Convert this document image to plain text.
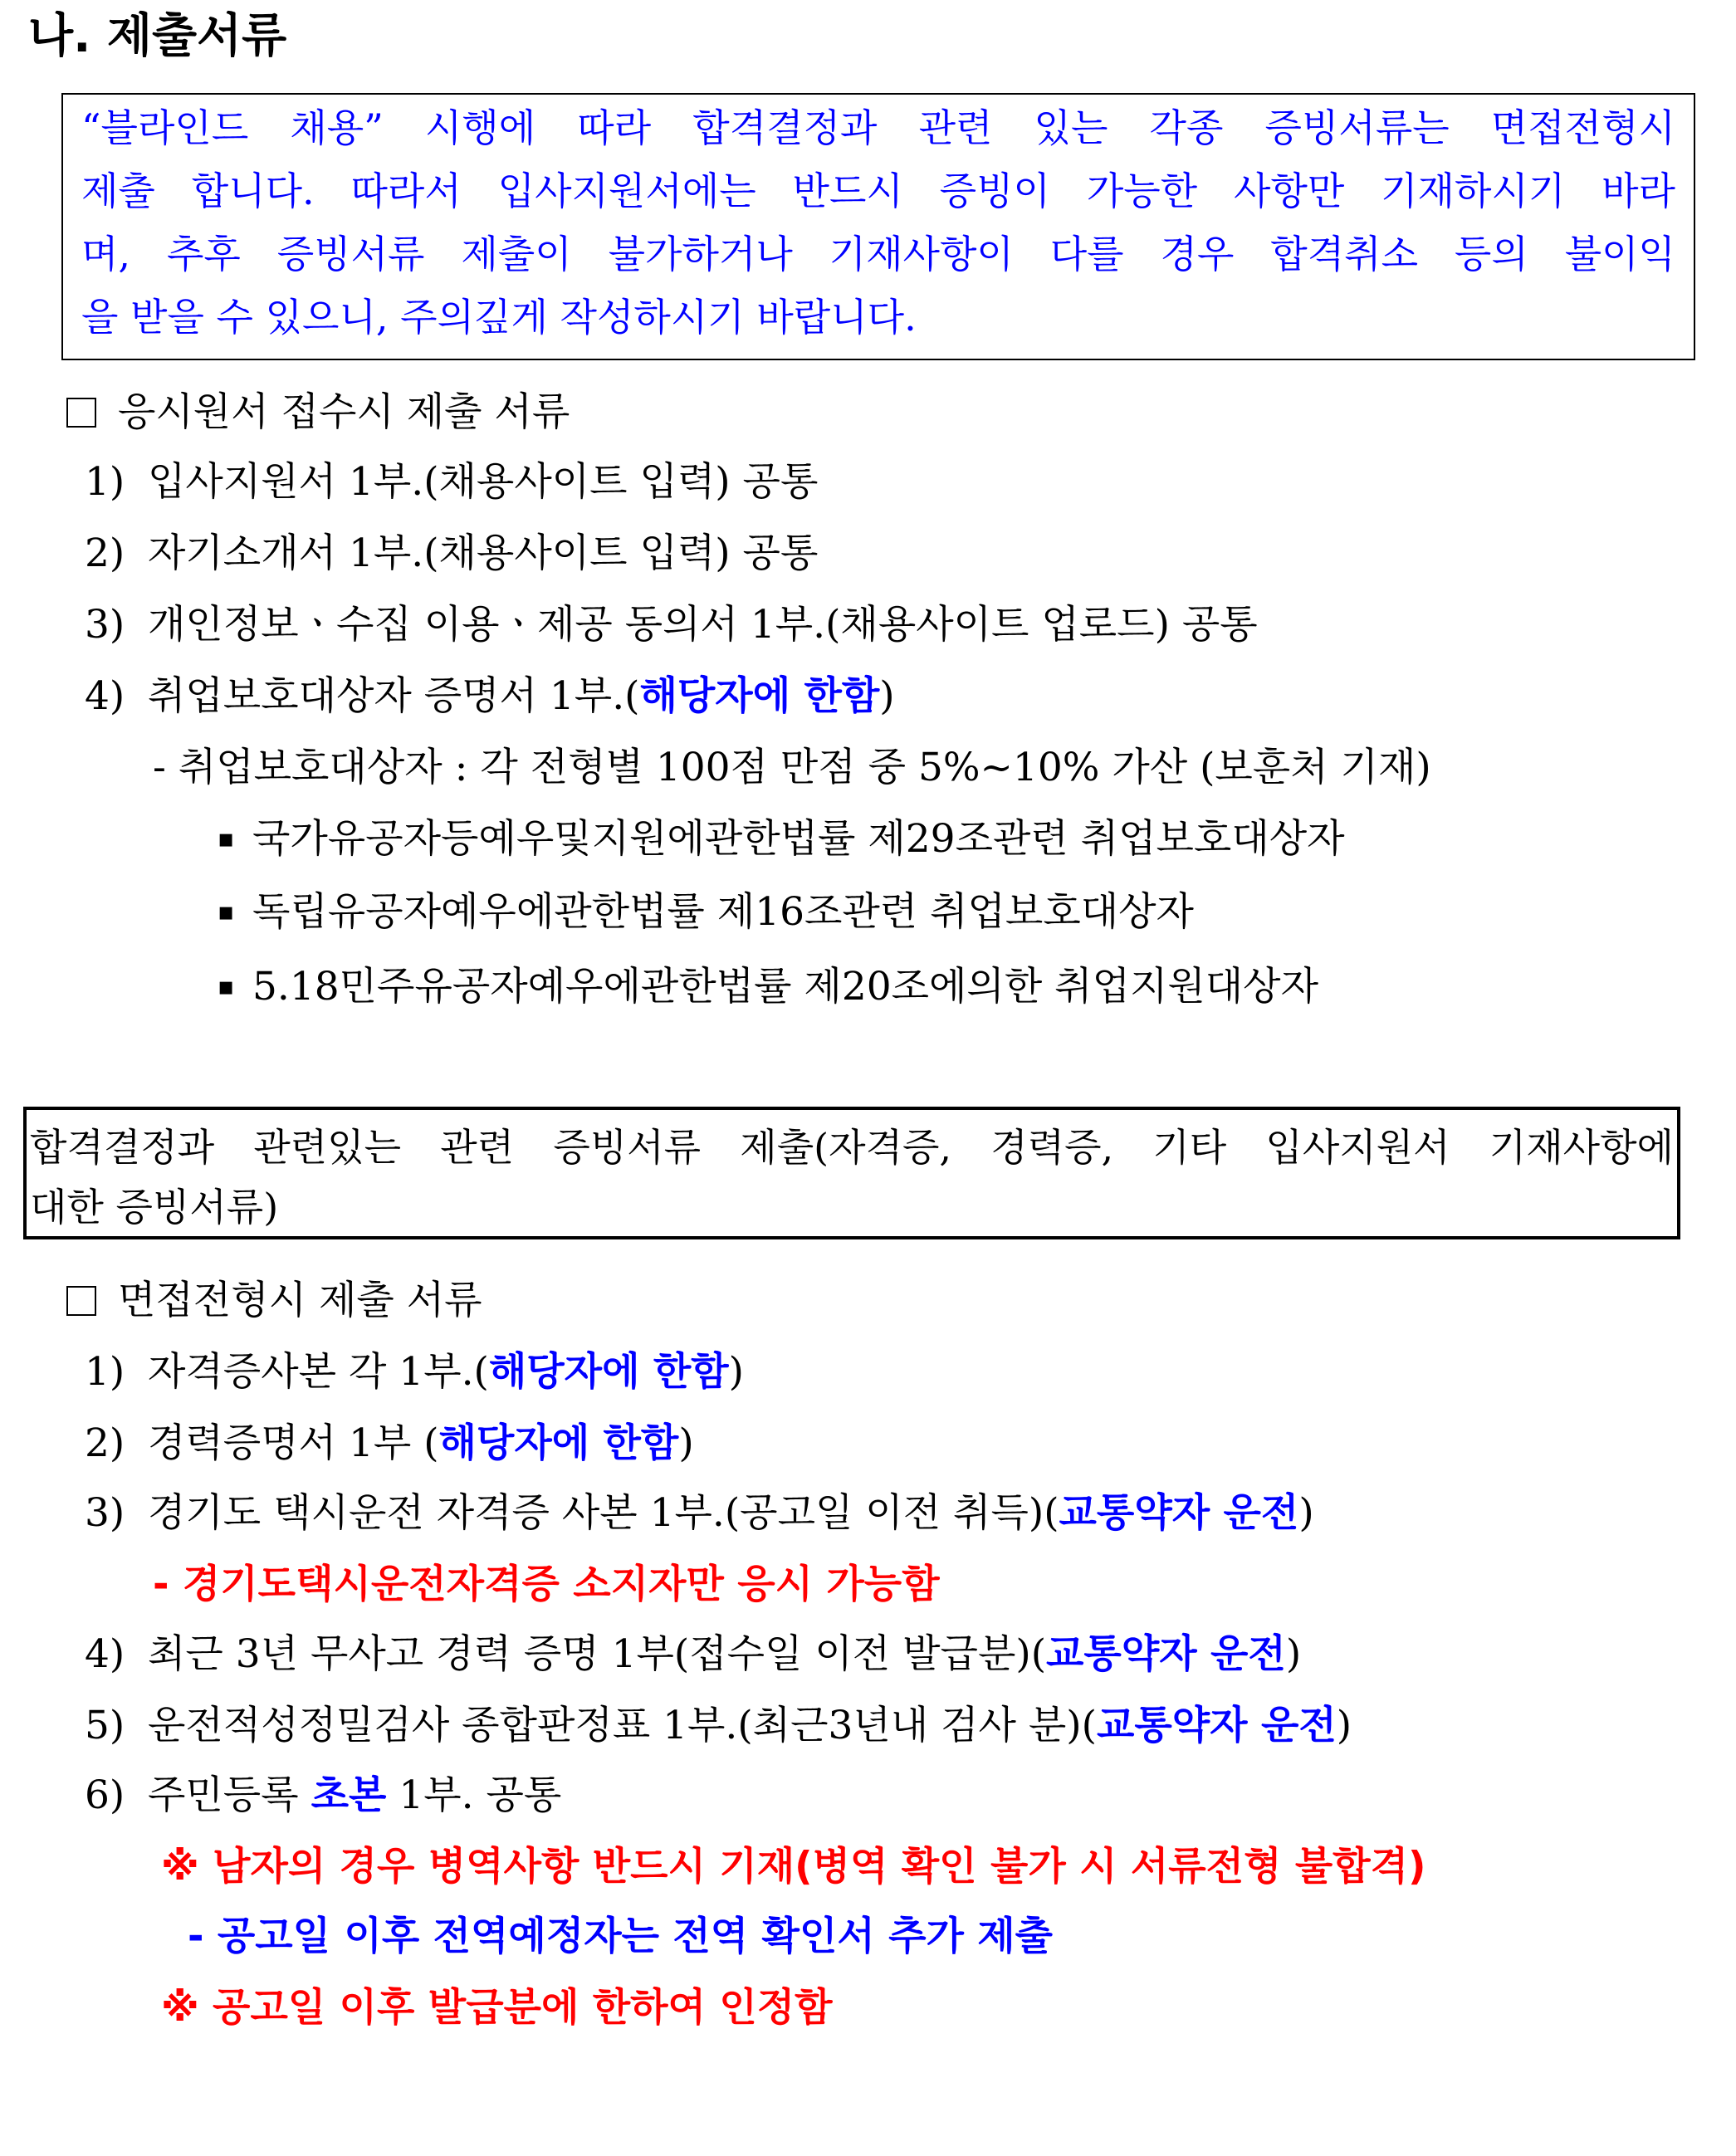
나. 제출서류
“블라인드 채용” 시행에 따라 합격결정과 관련 있는 각종 증빙서류는 면접전형시
제출 합니다. 따라서 입사지원서에는 반드시 증빙이 가능한 사항만 기재하시기 바라
며, 추후 증빙서류 제출이 불가하거나 기재사항이 다를 경우 합격취소 등의 불이익
을 받을 수 있으니, 주의깊게 작성하시기 바랍니다.
응시원서 접수시 제출 서류
1) 입사지원서 1부.(채용사이트 입력) 공통
2) 자기소개서 1부.(채용사이트 입력) 공통
3) 개인정보ㆍ수집 이용ㆍ제공 동의서 1부.(채용사이트 업로드) 공통
4) 취업보호대상자 증명서 1부.(해당자에 한함)
- 취업보호대상자 : 각 전형별 100점 만점 중 5%~10% 가산 (보훈처 기재)
▪ 국가유공자등예우및지원에관한법률 제29조관련 취업보호대상자
▪ 독립유공자예우에관한법률 제16조관련 취업보호대상자
▪ 5.18민주유공자예우에관한법률 제20조에의한 취업지원대상자
합격결정과 관련있는 관련 증빙서류 제출(자격증, 경력증, 기타 입사지원서 기재사항에
대한 증빙서류)
면접전형시 제출 서류
1) 자격증사본 각 1부.(해당자에 한함)
2) 경력증명서 1부 (해당자에 한함)
3) 경기도 택시운전 자격증 사본 1부.(공고일 이전 취득)(교통약자 운전)
- 경기도택시운전자격증 소지자만 응시 가능함
4) 최근 3년 무사고 경력 증명 1부(접수일 이전 발급분)(교통약자 운전)
5) 운전적성정밀검사 종합판정표 1부.(최근3년내 검사 분)(교통약자 운전)
6) 주민등록 초본 1부. 공통
※ 남자의 경우 병역사항 반드시 기재(병역 확인 불가 시 서류전형 불합격)
- 공고일 이후 전역예정자는 전역 확인서 추가 제출
※ 공고일 이후 발급분에 한하여 인정함
